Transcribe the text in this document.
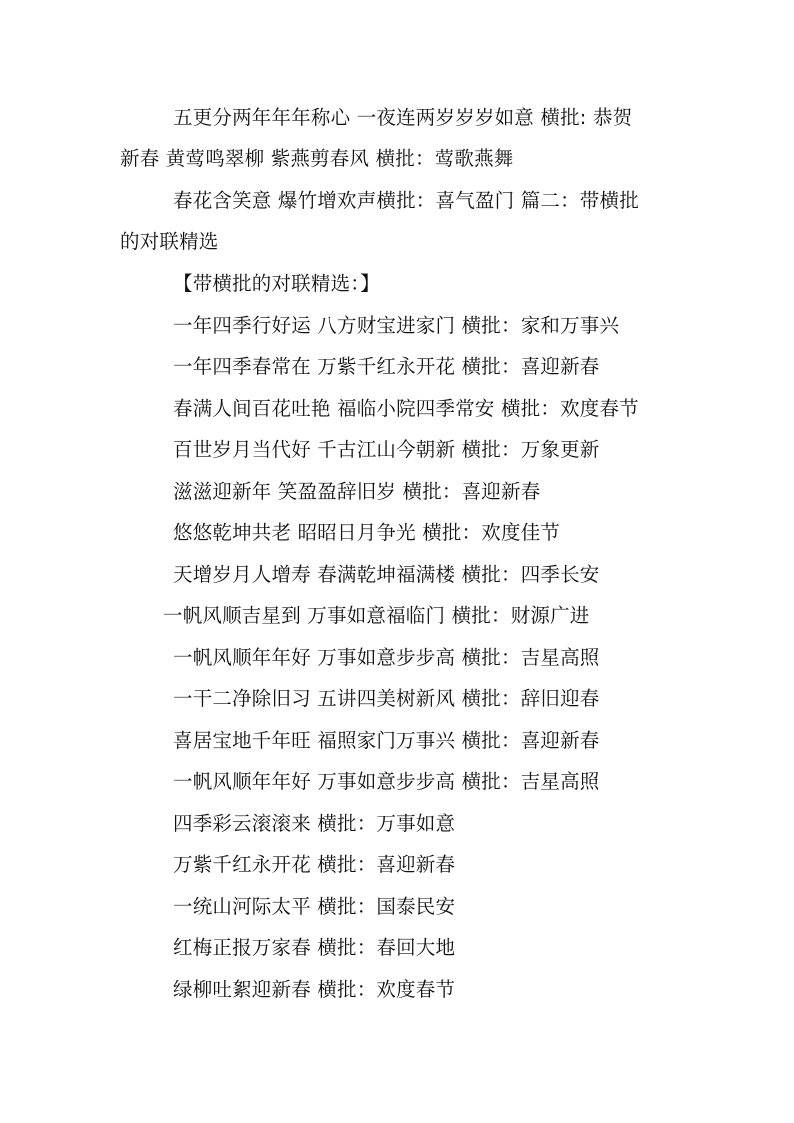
五更分两年年年称心 一夜连两岁岁岁如意 横批: 恭贺
新春 黄莺鸣翠柳 紫燕剪春风 横批：莺歌燕舞
春花含笑意 爆竹增欢声横批：喜气盈门 篇二：带横批
的对联精选
【带横批的对联精选：】
一年四季行好运 八方财宝进家门 横批：家和万事兴
一年四季春常在 万紫千红永开花 横批：喜迎新春
春满人间百花吐艳 福临小院四季常安 横批：欢度春节
百世岁月当代好 千古江山今朝新 横批：万象更新
滋滋迎新年 笑盈盈辞旧岁 横批：喜迎新春
悠悠乾坤共老 昭昭日月争光 横批：欢度佳节
天增岁月人增寿 春满乾坤福满楼 横批：四季长安
一帆风顺吉星到 万事如意福临门 横批：财源广进
一帆风顺年年好 万事如意步步高 横批：吉星高照
一干二净除旧习 五讲四美树新风 横批：辞旧迎春
喜居宝地千年旺 福照家门万事兴 横批：喜迎新春
一帆风顺年年好 万事如意步步高 横批：吉星高照
四季彩云滚滚来 横批：万事如意
万紫千红永开花 横批：喜迎新春
一统山河际太平 横批：国泰民安
红梅正报万家春 横批：春回大地
绿柳吐絮迎新春 横批：欢度春节
